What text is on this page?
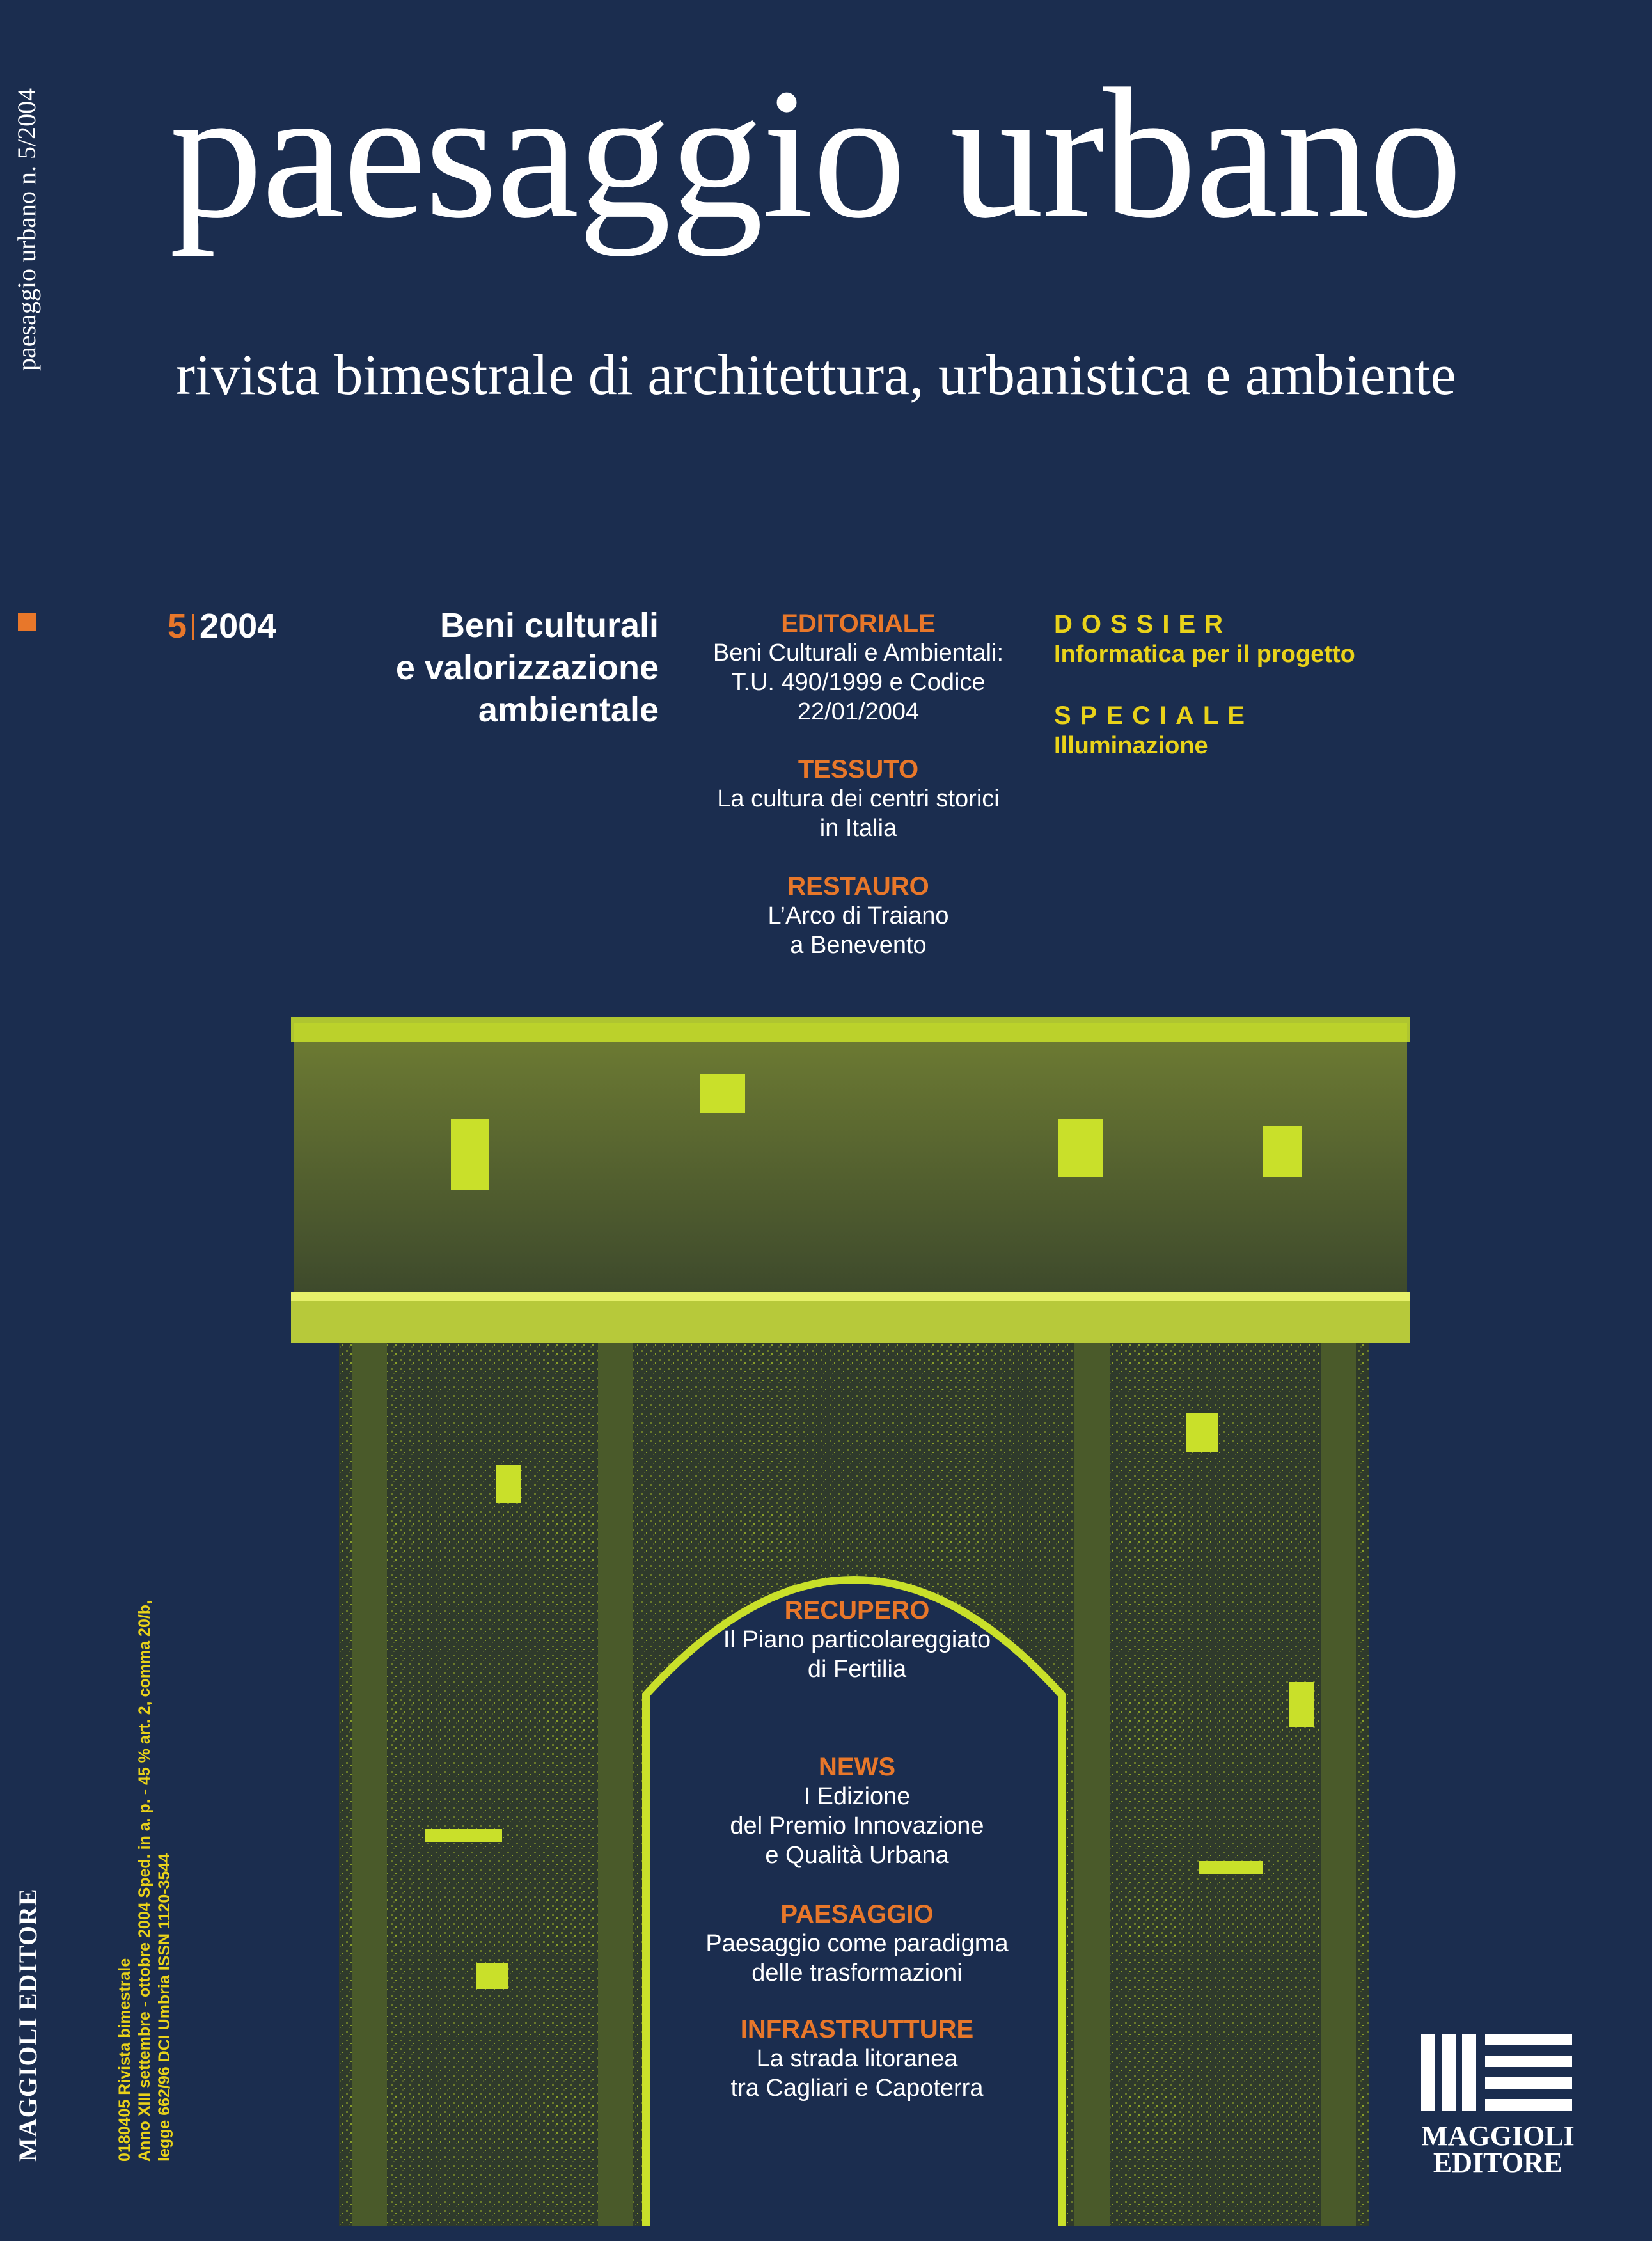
paesaggio urbano n. 5/2004
MAGGIOLI EDITORE	0180405 Rivista bimestrale Anno XIII settembre - ottobre 2004 Sped. in a. p. - 45 % art. 2, comma 20/b, legge 662/96 DCI Umbria ISSN 1120-3544
paesaggio urbano
rivista bimestrale di architettura, urbanistica e ambiente
5 2004	Beni culturali
e valorizzazione
ambientale
EDITORIALE
Beni Culturali e Ambientali:
T.U. 490/1999 e Codice
22/01/2004
TESSUTO
La cultura dei centri storici
in Italia
RESTAURO
L’Arco di Traiano
a Benevento
DOSSIER
Informatica per il progetto
SPECIALE
Illuminazione
RECUPERO
Il Piano particolareggiato
di Fertilia
NEWS
I Edizione
del Premio Innovazione
e Qualità Urbana
PAESAGGIO
Paesaggio come paradigma
delle trasformazioni
INFRASTRUTTURE
La strada litoranea
tra Cagliari e Capoterra
MAGGIOLI
EDITORE
